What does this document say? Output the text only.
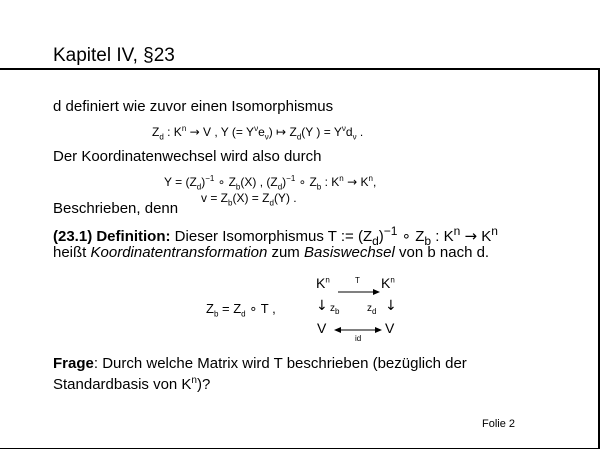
Kapitel IV, §23
d definiert wie zuvor einen Isomorphismus
$Z_d$ : $K^n \to V$ , Y (= $Y^\nu e_\nu$) ↦ $Z_d(Y$ ) = $Y^\nu d_\nu$ .
Der Koordinatenwechsel wird also durch
$Y = (Z_d)^{-1}$ ∘ $Z_b(X)$ , $(Z_d)^{-1}$ ∘ $Z_b$ : $K^n \to K^n$,
Beschrieben, denn
$v = Z_b(X) = Z_d(Y)$ .
(23.1) Definition: Dieser Isomorphismus T := $(Z_d)^{-1}$ ∘ $Z_b$ : $K^n \to K^n$
heißt Koordinatentransformation zum Basiswechsel von b nach d.
$K^n$	T $K^n$
$Z_b = Z_d$ ∘ T ,	↓ $z_b$	$z_d$ ↓
V	V
id
Frage: Durch welche Matrix wird T beschrieben (bezüglich der
Standardbasis von $K^n$)?
Folie 2
